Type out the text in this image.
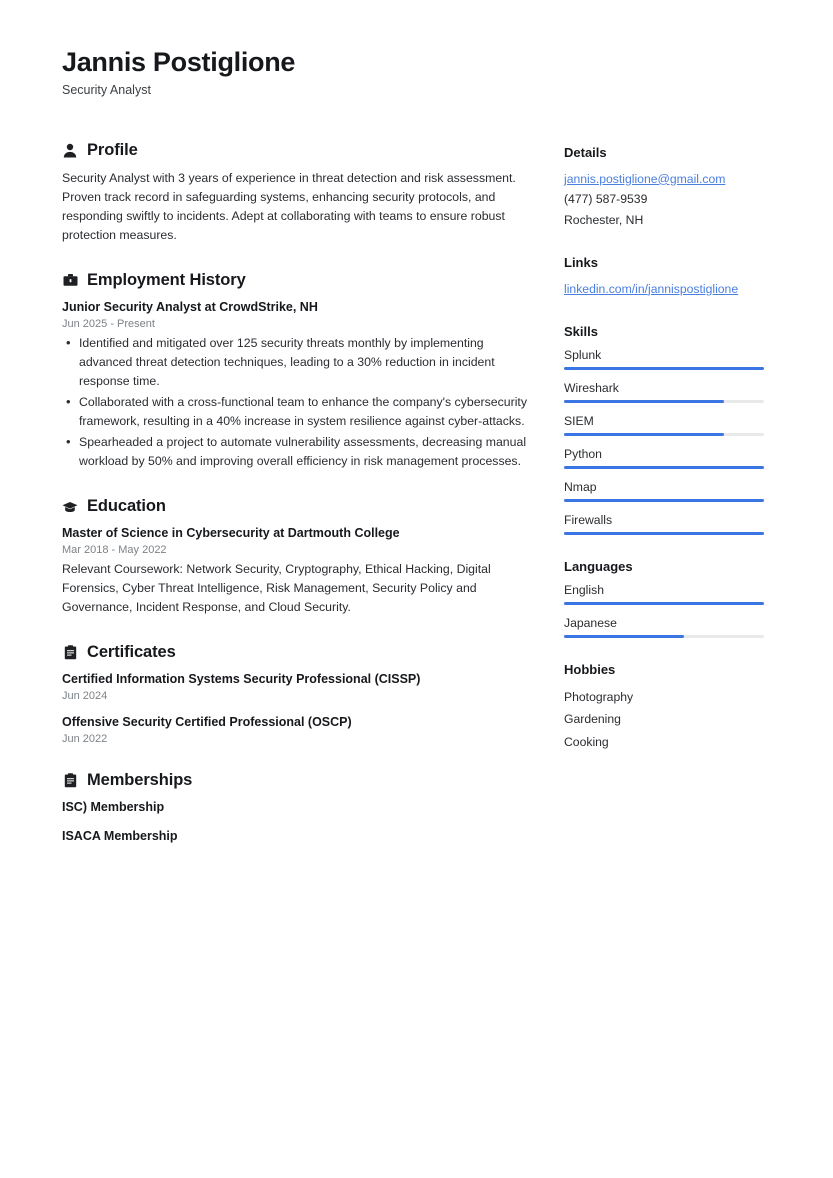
Jannis Postiglione
Security Analyst
Profile
Security Analyst with 3 years of experience in threat detection and risk assessment. Proven track record in safeguarding systems, enhancing security protocols, and responding swiftly to incidents. Adept at collaborating with teams to ensure robust protection measures.
Employment History
Junior Security Analyst at CrowdStrike, NH
Jun 2025 - Present
• Identified and mitigated over 125 security threats monthly by implementing advanced threat detection techniques, leading to a 30% reduction in incident response time.
• Collaborated with a cross-functional team to enhance the company's cybersecurity framework, resulting in a 40% increase in system resilience against cyber-attacks.
• Spearheaded a project to automate vulnerability assessments, decreasing manual workload by 50% and improving overall efficiency in risk management processes.
Education
Master of Science in Cybersecurity at Dartmouth College
Mar 2018 - May 2022
Relevant Coursework: Network Security, Cryptography, Ethical Hacking, Digital Forensics, Cyber Threat Intelligence, Risk Management, Security Policy and Governance, Incident Response, and Cloud Security.
Certificates
Certified Information Systems Security Professional (CISSP)
Jun 2024
Offensive Security Certified Professional (OSCP)
Jun 2022
Memberships
ISC) Membership
ISACA Membership
Details
jannis.postiglione@gmail.com
(477) 587-9539
Rochester, NH
Links
linkedin.com/in/jannispostiglione
Skills
Splunk
Wireshark
SIEM
Python
Nmap
Firewalls
Languages
English
Japanese
Hobbies
Photography
Gardening
Cooking
